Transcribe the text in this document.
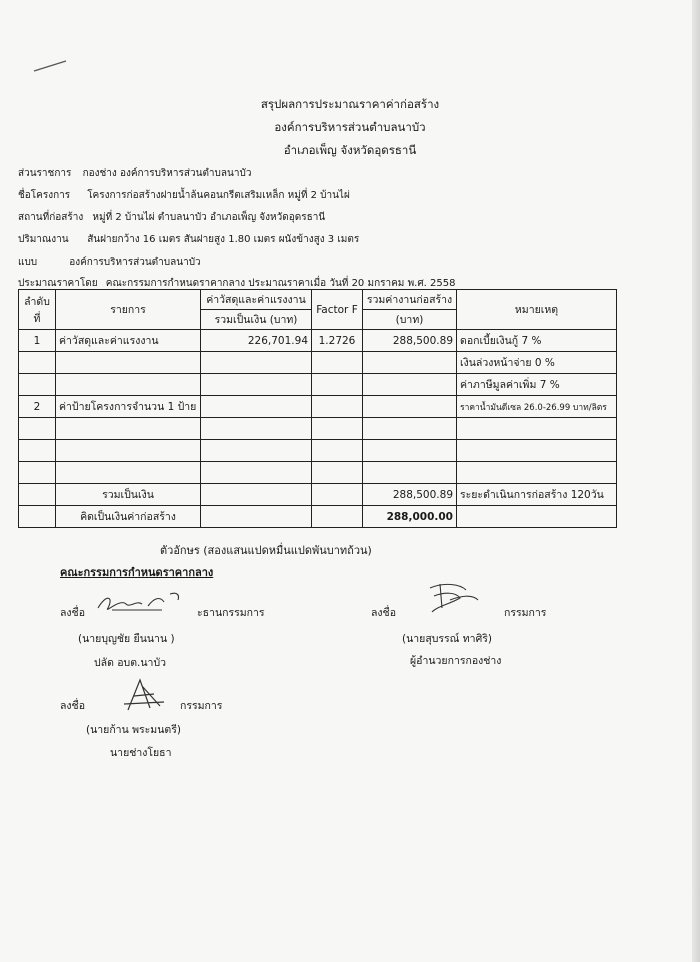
สรุปผลการประมาณราคาค่าก่อสร้าง
องค์การบริหารส่วนตำบลนาบัว
อำเภอเพ็ญ จังหวัดอุดรธานี
ส่วนราชการ กองช่าง องค์การบริหารส่วนตำบลนาบัว
ชื่อโครงการ โครงการก่อสร้างฝายน้ำล้นคอนกรีตเสริมเหล็ก หมู่ที่ 2 บ้านไผ่
สถานที่ก่อสร้าง หมู่ที่ 2 บ้านไผ่ ตำบลนาบัว อำเภอเพ็ญ จังหวัดอุดรธานี
ปริมาณงาน สันฝายกว้าง 16 เมตร สันฝายสูง 1.80 เมตร ผนังข้างสูง 3 เมตร
แบบ	องค์การบริหารส่วนตำบลนาบัว
ประมาณราคาโดย คณะกรรมการกำหนดราคากลาง ประมาณราคาเมื่อ วันที่ 20 มกราคม พ.ศ. 2558
ลำดับที่	รายการ	ค่าวัสดุและค่าแรงงาน	Factor F	รวมค่างานก่อสร้าง	หมายเหตุ
		รวมเป็นเงิน (บาท)		(บาท)	
1	ค่าวัสดุและค่าแรงงาน	226,701.94	1.2726	288,500.89	ดอกเบี้ยเงินกู้ 7 %
					เงินล่วงหน้าจ่าย 0 %
					ค่าภาษีมูลค่าเพิ่ม 7 %
2	ค่าป้ายโครงการจำนวน 1 ป้าย				ราคาน้ำมันดีเซล 26.0-26.99 บาท/ลิตร

	รวมเป็นเงิน			288,500.89	ระยะดำเนินการก่อสร้าง 120วัน
	คิดเป็นเงินค่าก่อสร้าง			288,000.00	
ตัวอักษร (สองแสนแปดหมื่นแปดพันบาทถ้วน)
คณะกรรมการกำหนดราคากลาง
ลงชื่อ	ะธานกรรมการ
(นายบุญชัย ยืนนาน )
ปลัด อบต.นาบัว
ลงชื่อ	กรรมการ
(นายสุบรรณ์ ทาศิริ)
ผู้อำนวยการกองช่าง
ลงชื่อ	กรรมการ
(นายก้าน พระมนตรี)
นายช่างโยธา
